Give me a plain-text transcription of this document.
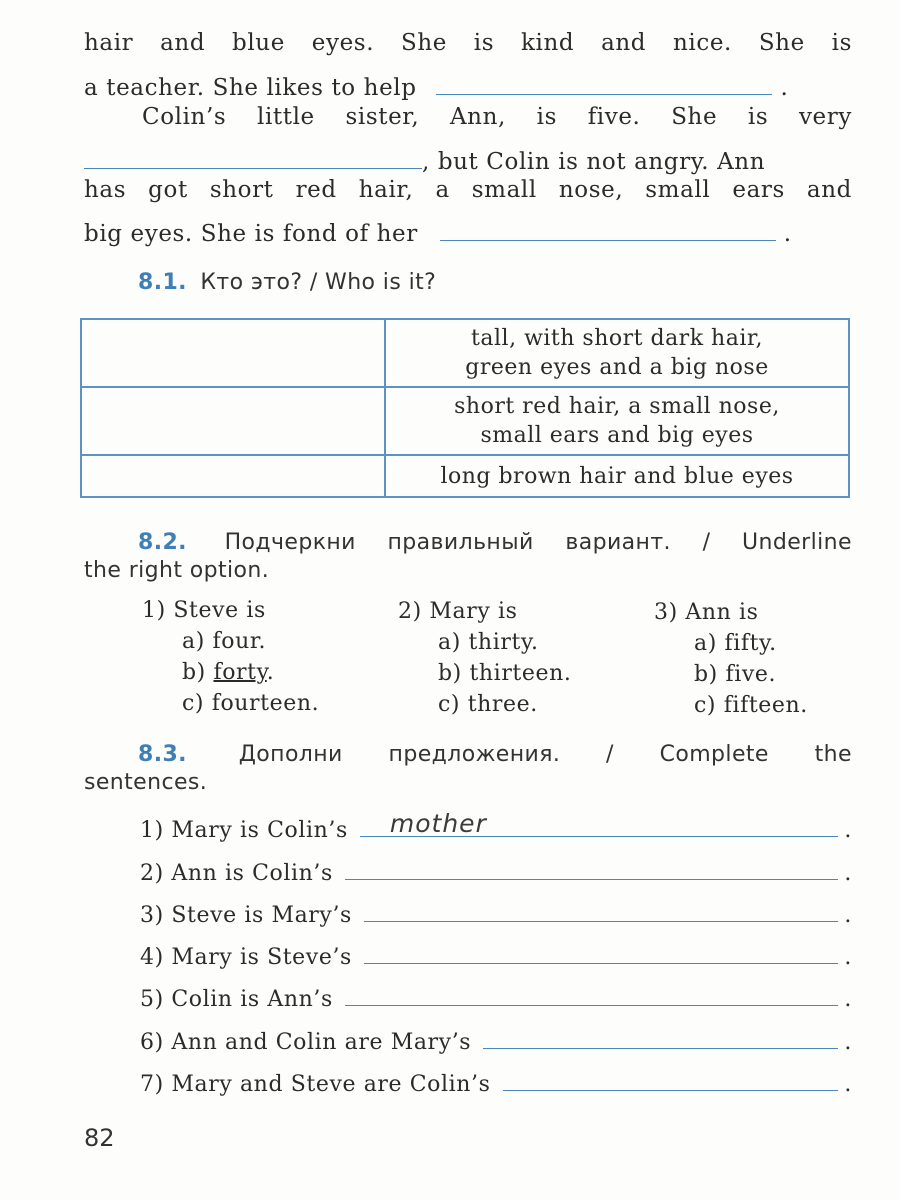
hair and blue eyes. She is kind and nice. She is
a teacher. She likes to help	.
Colin’s little sister, Ann, is five. She is very
, but Colin is not angry. Ann
has got short red hair, a small nose, small ears and
big eyes. She is fond of her	.
8.1. Кто это? / Who is it?

	tall, with short dark hair,
green eyes and a big nose

	short red hair, a small nose,
small ears and big eyes

	long brown hair and blue eyes
8.2. Подчеркни правильный вариант. / Underline
the right option.
1) Steve is
a) four.
b) forty.
c) fourteen.
2) Mary is
a) thirty.
b) thirteen.
c) three.
3) Ann is
a) fifty.
b) five.
c) fifteen.
8.3. Дополни предложения. / Complete the
sentences.
1) Mary is Colin’s mother	.
2) Ann is Colin’s	.
3) Steve is Mary’s	.
4) Mary is Steve’s	.
5) Colin is Ann’s	.
6) Ann and Colin are Mary’s	.
7) Mary and Steve are Colin’s	.
82
